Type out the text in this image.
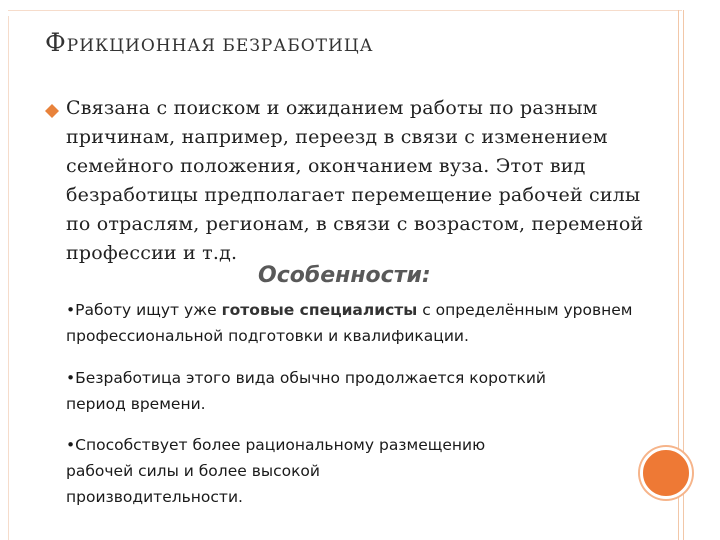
ФРИКЦИОННАЯ БЕЗРАБОТИЦА

Связана с поиском и ожиданием работы по разным причинам, например, переезд в связи с изменением семейного положения, окончанием вуза. Этот вид безработицы предполагает перемещение рабочей силы по отраслям, регионам, в связи с возрастом, переменой профессии и т.д.

Особенности:

•Работу ищут уже готовые специалисты с определённым уровнем профессиональной подготовки и квалификации.

•Безработица этого вида обычно продолжается короткий период времени.

•Способствует более рациональному размещению рабочей силы и более высокой производительности.
